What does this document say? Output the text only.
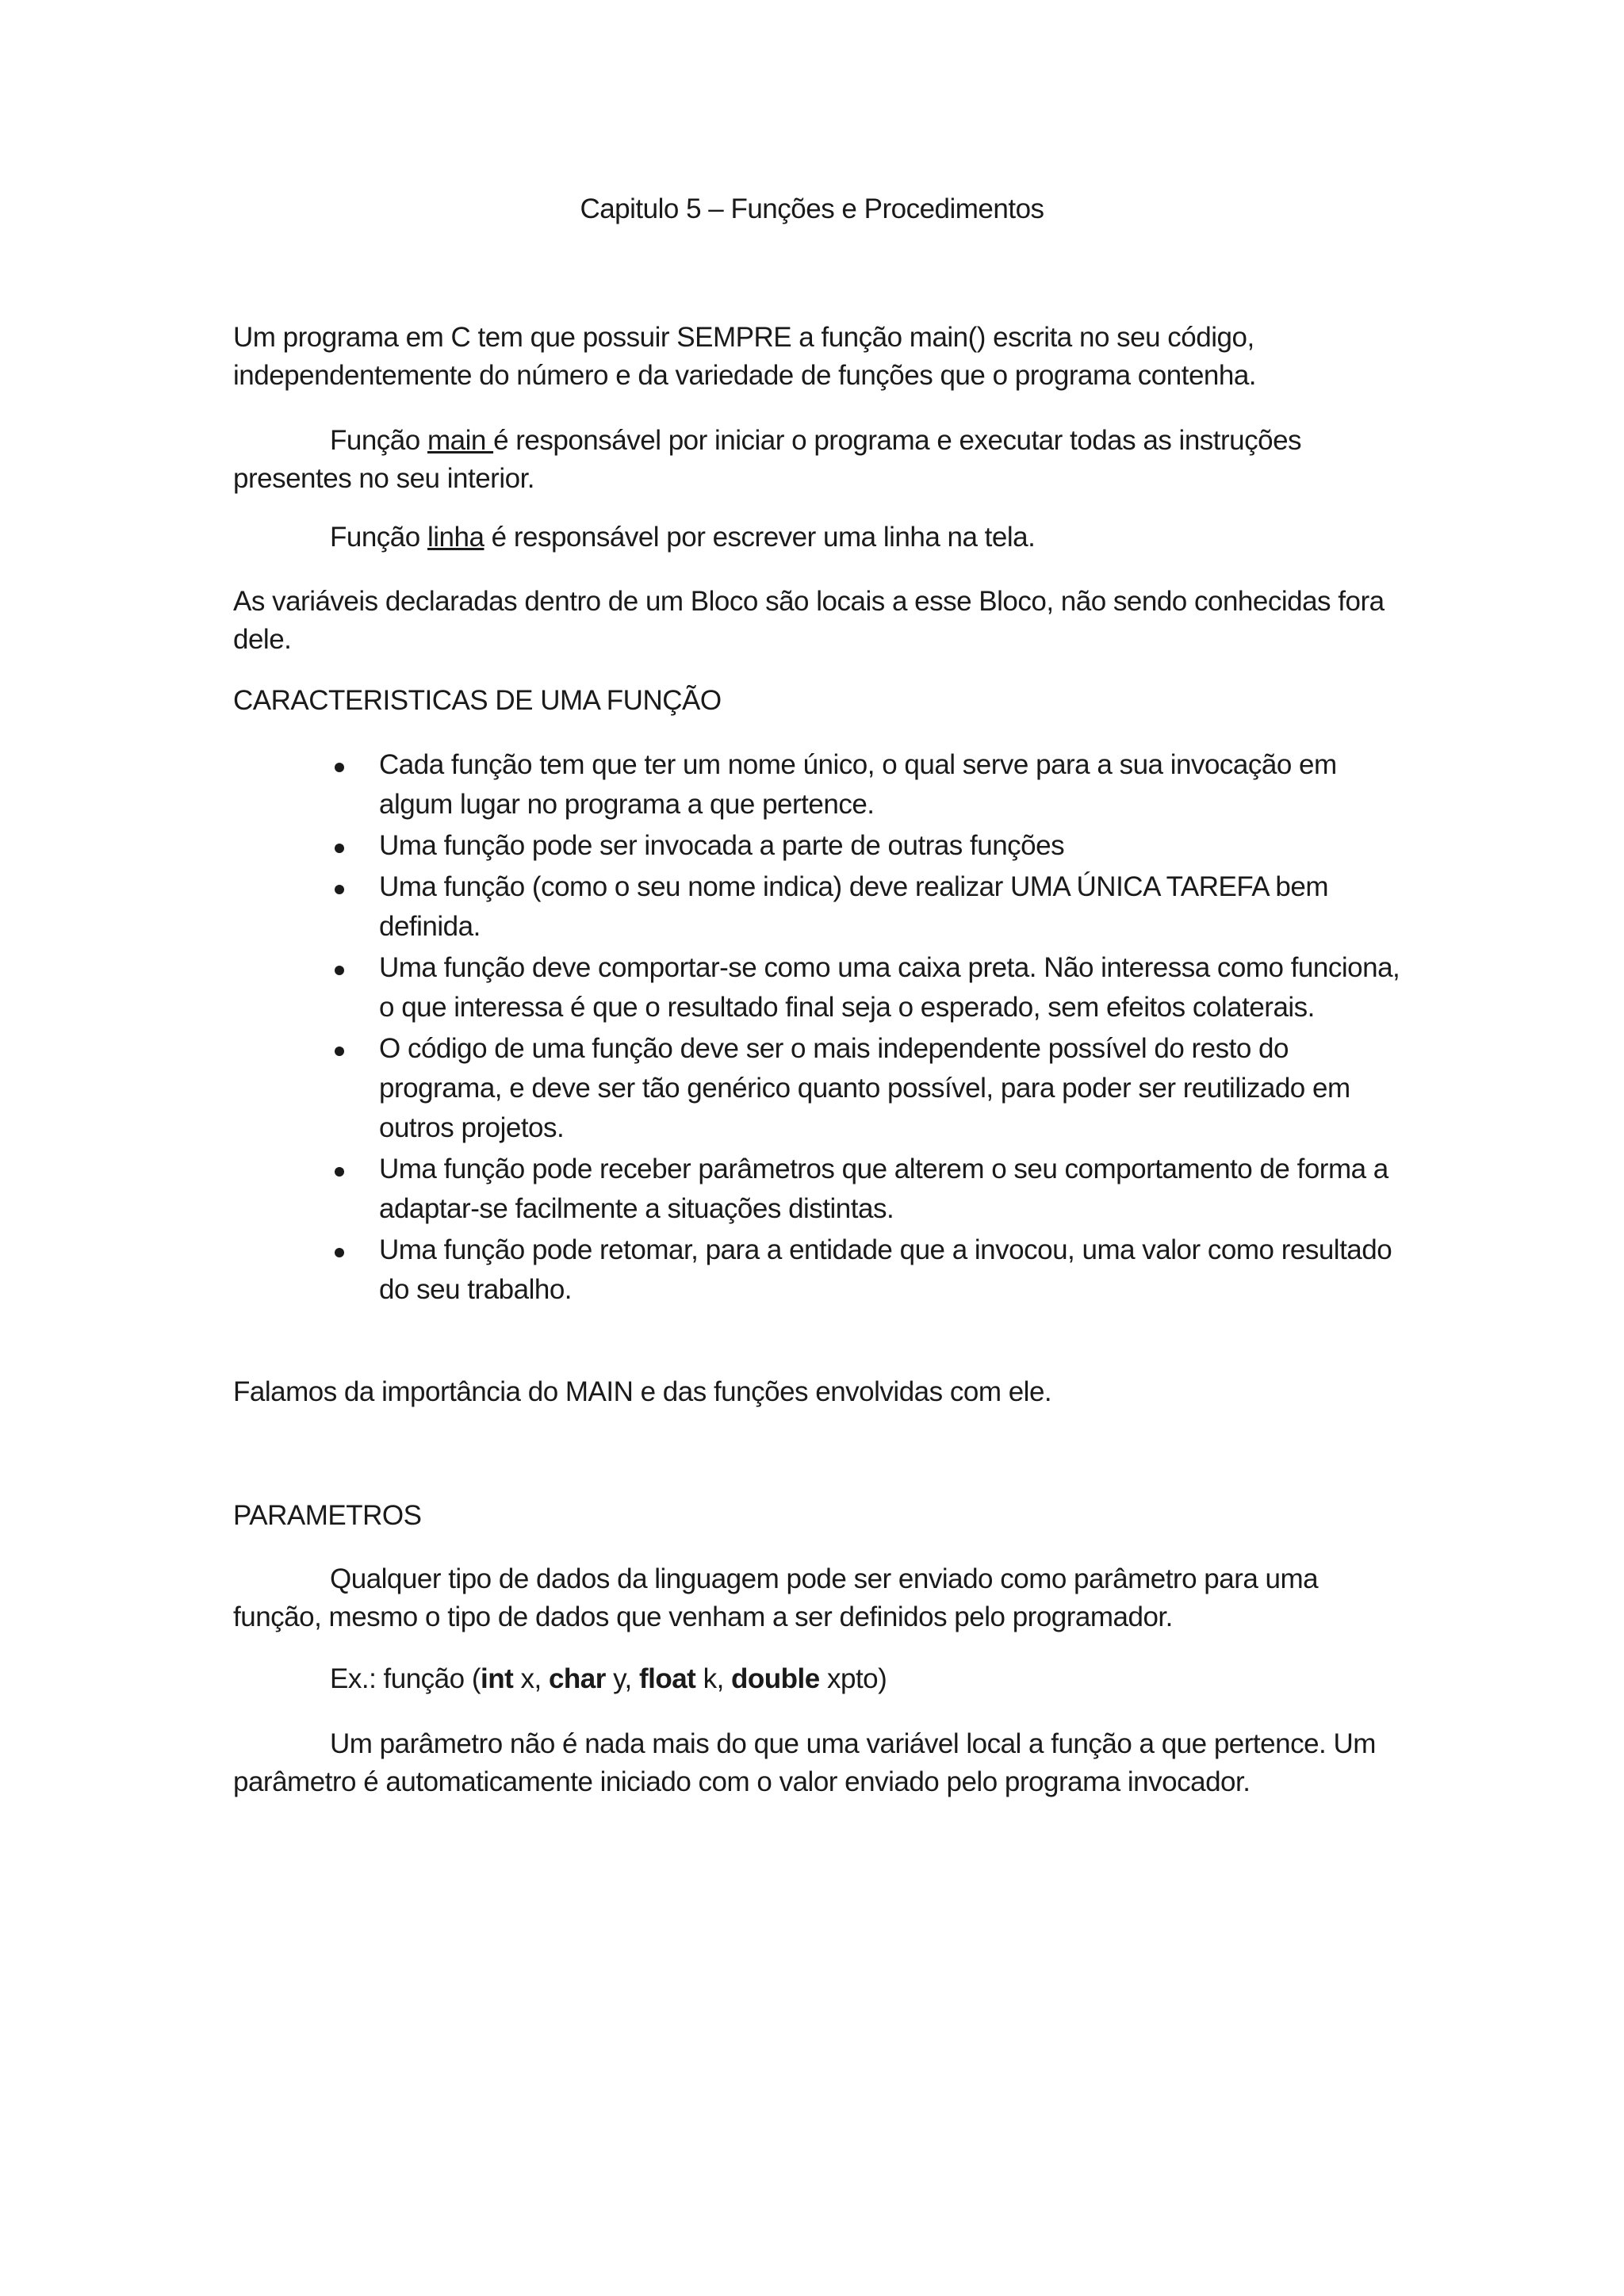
Capitulo 5 – Funções e Procedimentos

Um programa em C tem que possuir SEMPRE a função main() escrita no seu código, independentemente do número e da variedade de funções que o programa contenha.

Função main é responsável por iniciar o programa e executar todas as instruções presentes no seu interior.

Função linha é responsável por escrever uma linha na tela.

As variáveis declaradas dentro de um Bloco são locais a esse Bloco, não sendo conhecidas fora dele.

CARACTERISTICAS DE UMA FUNÇÃO

Cada função tem que ter um nome único, o qual serve para a sua invocação em algum lugar no programa a que pertence.
Uma função pode ser invocada a parte de outras funções
Uma função (como o seu nome indica) deve realizar UMA ÚNICA TAREFA bem definida.
Uma função deve comportar-se como uma caixa preta. Não interessa como funciona, o que interessa é que o resultado final seja o esperado, sem efeitos colaterais.
O código de uma função deve ser o mais independente possível do resto do programa, e deve ser tão genérico quanto possível, para poder ser reutilizado em outros projetos.
Uma função pode receber parâmetros que alterem o seu comportamento de forma a adaptar-se facilmente a situações distintas.
Uma função pode retomar, para a entidade que a invocou, uma valor como resultado do seu trabalho.

Falamos da importância do MAIN e das funções envolvidas com ele.

PARAMETROS

Qualquer tipo de dados da linguagem pode ser enviado como parâmetro para uma função, mesmo o tipo de dados que venham a ser definidos pelo programador.

Ex.: função (int x, char y, float k, double xpto)

Um parâmetro não é nada mais do que uma variável local a função a que pertence. Um parâmetro é automaticamente iniciado com o valor enviado pelo programa invocador.
